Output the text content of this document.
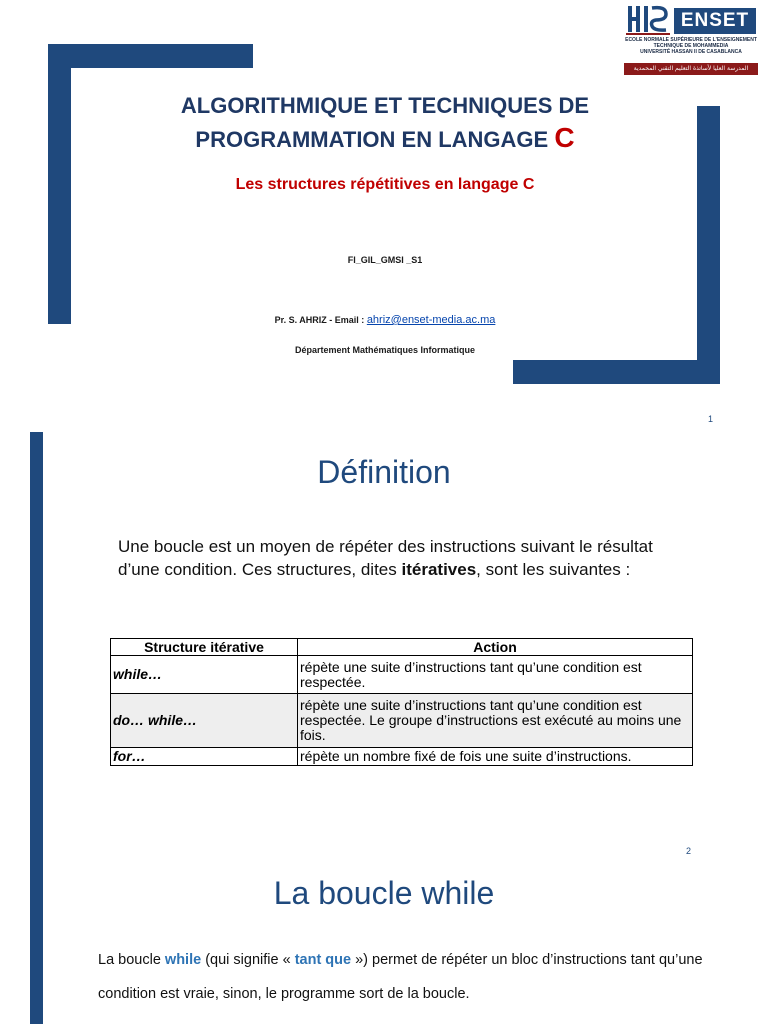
ENSET
ECOLE NORMALE SUPÉRIEURE DE L'ENSEIGNEMENT
TECHNIQUE DE MOHAMMEDIA
UNIVERSITÉ HASSAN II DE CASABLANCA
المدرسة العليا لأساتذة التعليم التقني المحمدية
ALGORITHMIQUE ET TECHNIQUES DE
PROGRAMMATION EN LANGAGE C
Les structures répétitives en langage C
FI_GIL_GMSI _S1
Pr. S. AHRIZ - Email : ahriz@enset-media.ac.ma
Département Mathématiques Informatique
1
Définition
Une boucle est un moyen de répéter des instructions suivant le résultat d’une condition. Ces structures, dites itératives, sont les suivantes :
Structure itérative	Action
while…	répète une suite d’instructions tant qu’une condition est respectée.
do… while…	répète une suite d’instructions tant qu’une condition est respectée. Le groupe d’instructions est exécuté au moins une fois.
for…	répète un nombre fixé de fois une suite d’instructions.
2
La boucle while
La boucle while (qui signifie « tant que ») permet de répéter un bloc d’instructions tant qu’une condition est vraie, sinon, le programme sort de la boucle.
